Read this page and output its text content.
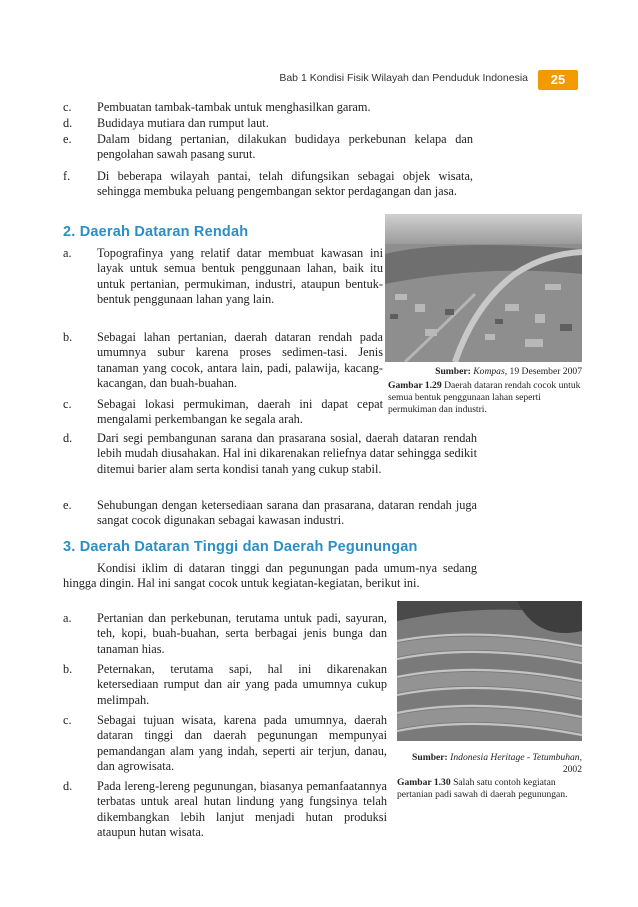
Bab 1 Kondisi Fisik Wilayah dan Penduduk Indonesia	25
c.	Pembuatan tambak-tambak untuk menghasilkan garam.
d.	Budidaya mutiara dan rumput laut.
e.	Dalam bidang pertanian, dilakukan budidaya perkebunan kelapa dan pengolahan sawah pasang surut.
f.	Di beberapa wilayah pantai, telah difungsikan sebagai objek wisata, sehingga membuka peluang pengembangan sektor perdagangan dan jasa.
2. Daerah Dataran Rendah
a.	Topografinya yang relatif datar membuat kawasan ini layak untuk semua bentuk penggunaan lahan, baik itu untuk pertanian, permukiman, industri, ataupun bentuk-bentuk penggunaan lahan yang lain.
b.	Sebagai lahan pertanian, daerah dataran rendah pada umumnya subur karena proses sedimen-tasi. Jenis tanaman yang cocok, antara lain, padi, palawija, kacang-kacangan, dan buah-buahan.
c.	Sebagai lokasi permukiman, daerah ini dapat cepat mengalami perkembangan ke segala arah.
Sumber: Kompas, 19 Desember 2007
Gambar 1.29 Daerah dataran rendah cocok untuk semua bentuk penggunaan lahan seperti permukiman dan industri.
d.	Dari segi pembangunan sarana dan prasarana sosial, daerah dataran rendah lebih mudah diusahakan. Hal ini dikarenakan reliefnya datar sehingga sedikit ditemui barier alam serta kondisi tanah yang cukup stabil.
e.	Sehubungan dengan ketersediaan sarana dan prasarana, dataran rendah juga sangat cocok digunakan sebagai kawasan industri.
3. Daerah Dataran Tinggi dan Daerah Pegunungan
Kondisi iklim di dataran tinggi dan pegunungan pada umum-nya sedang hingga dingin. Hal ini sangat cocok untuk kegiatan-kegiatan, berikut ini.
a.	Pertanian dan perkebunan, terutama untuk padi, sayuran, teh, kopi, buah-buahan, serta berbagai jenis bunga dan tanaman hias.
b.	Peternakan, terutama sapi, hal ini dikarenakan ketersediaan rumput dan air yang pada umumnya cukup melimpah.
c.	Sebagai tujuan wisata, karena pada umumnya, daerah dataran tinggi dan daerah pegunungan mempunyai pemandangan alam yang indah, seperti air terjun, danau, dan agrowisata.
d.	Pada lereng-lereng pegunungan, biasanya pemanfaatannya terbatas untuk areal hutan lindung yang fungsinya telah dikembangkan lebih lanjut menjadi hutan produksi ataupun hutan wisata.
Sumber: Indonesia Heritage - Tetumbuhan, 2002
Gambar 1.30 Salah satu contoh kegiatan pertanian padi sawah di daerah pegunungan.
